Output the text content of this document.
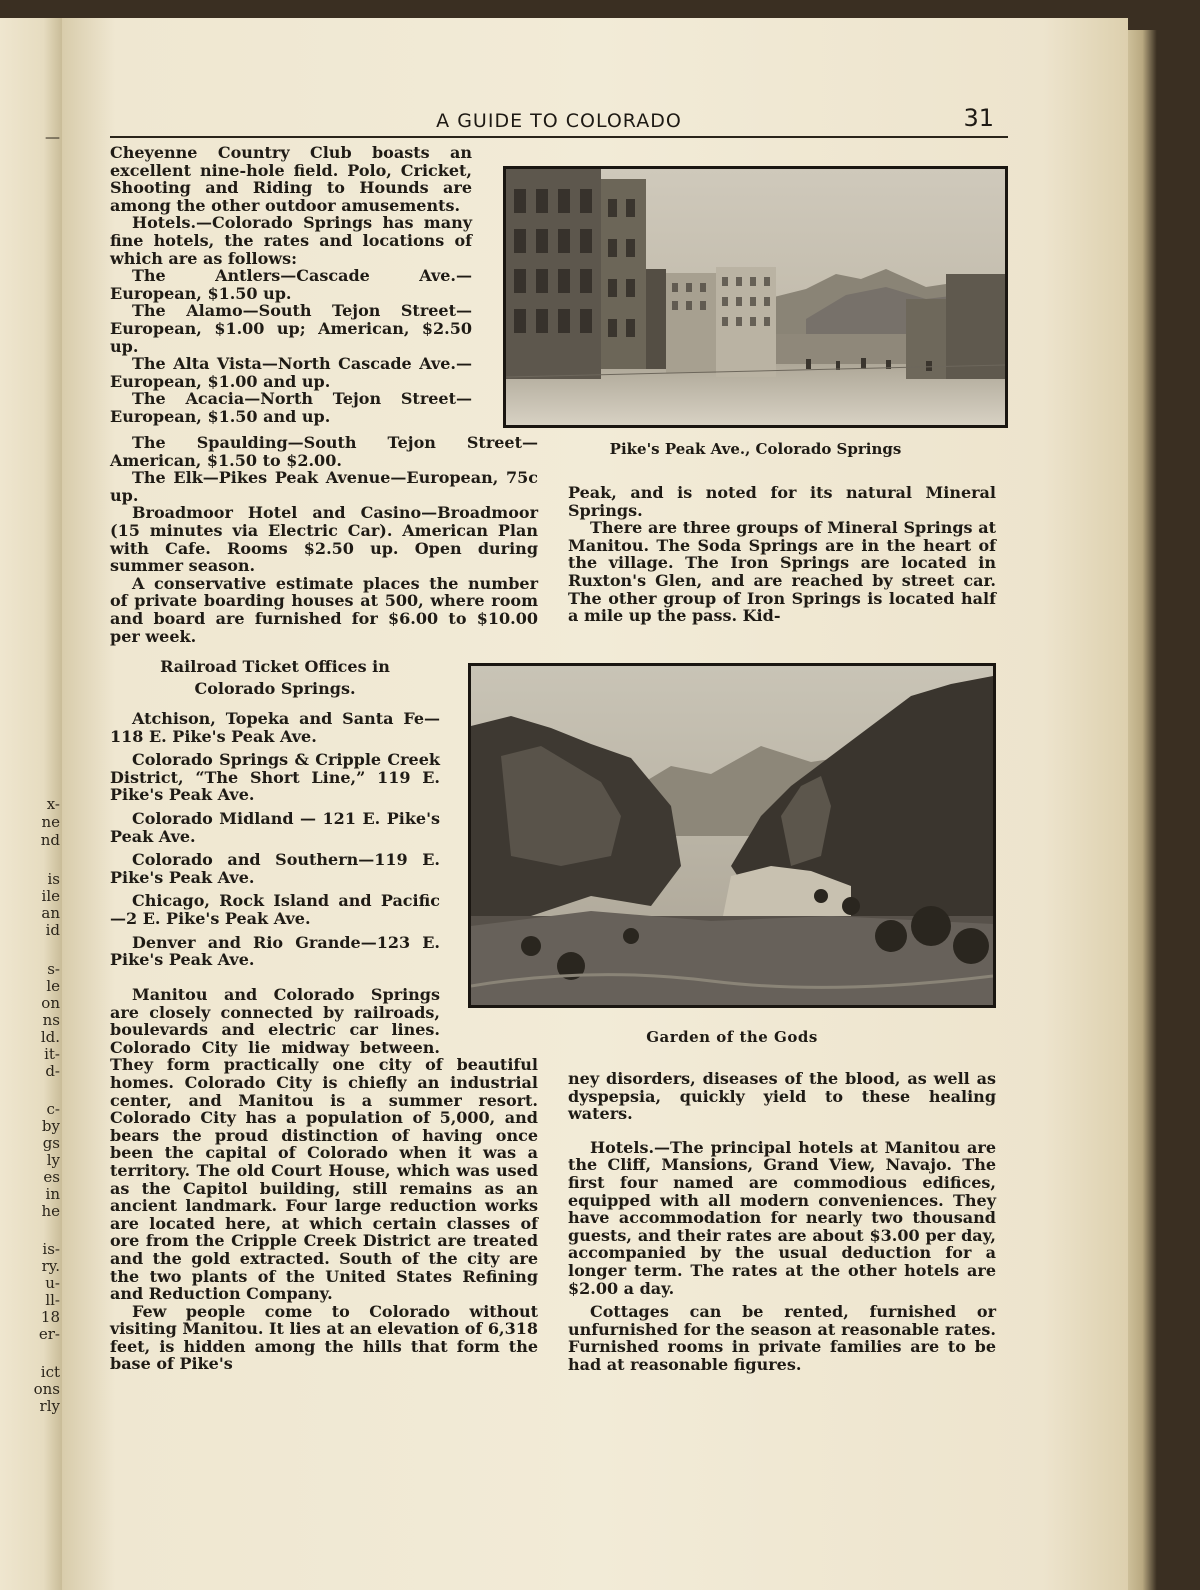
—
x-
ne
nd
is
ile
an
id
s-
le
on
ns
ld.
it-
d-
c-
by
gs
ly
es
in
he
is-
ry.
u-
ll-
18
er-
ict
ons
rly
A GUIDE TO COLORADO	31

Cheyenne Country Club boasts an excellent nine-hole field. Polo, Cricket, Shooting and Riding to Hounds are among the other outdoor amusements.

Hotels.—Colorado Springs has many fine hotels, the rates and locations of which are as follows:

The Antlers—Cascade Ave.—European, $1.50 up.

The Alamo—South Tejon Street—European, $1.00 up; American, $2.50 up.

The Alta Vista—North Cascade Ave.—European, $1.00 and up.

The Acacia—North Tejon Street—European, $1.50 and up.

The Spaulding—South Tejon Street—American, $1.50 to $2.00.

The Elk—Pikes Peak Avenue—European, 75c up.

Broadmoor Hotel and Casino—Broadmoor (15 minutes via Electric Car). American Plan with Cafe. Rooms $2.50 up. Open during summer season.

A conservative estimate places the number of private boarding houses at 500, where room and board are furnished for $6.00 to $10.00 per week.

Pike's Peak Ave., Colorado Springs

Peak, and is noted for its natural Mineral Springs.

There are three groups of Mineral Springs at Manitou. The Soda Springs are in the heart of the village. The Iron Springs are located in Ruxton's Glen, and are reached by street car. The other group of Iron Springs is located half a mile up the pass. Kid-

Railroad Ticket Offices in
Colorado Springs.

Atchison, Topeka and Santa Fe—118 E. Pike's Peak Ave.

Colorado Springs & Cripple Creek District, “The Short Line,” 119 E. Pike's Peak Ave.

Colorado Midland — 121 E. Pike's Peak Ave.

Colorado and Southern—119 E. Pike's Peak Ave.

Chicago, Rock Island and Pacific—2 E. Pike's Peak Ave.

Denver and Rio Grande—123 E. Pike's Peak Ave.

Garden of the Gods

Manitou and Colorado Springs are closely connected by railroads, boulevards and electric car lines. Colorado City lie midway between. They form practically one city of beautiful homes. Colorado City is chiefly an industrial center, and Manitou is a summer resort. Colorado City has a population of 5,000, and bears the proud distinction of having once been the capital of Colorado when it was a territory. The old Court House, which was used as the Capitol building, still remains as an ancient landmark. Four large reduction works are located here, at which certain classes of ore from the Cripple Creek District are treated and the gold extracted. South of the city are the two plants of the United States Refining and Reduction Company.

Few people come to Colorado without visiting Manitou. It lies at an elevation of 6,318 feet, is hidden among the hills that form the base of Pike's

ney disorders, diseases of the blood, as well as dyspepsia, quickly yield to these healing waters.

Hotels.—The principal hotels at Manitou are the Cliff, Mansions, Grand View, Navajo. The first four named are commodious edifices, equipped with all modern conveniences. They have accommodation for nearly two thousand guests, and their rates are about $3.00 per day, accompanied by the usual deduction for a longer term. The rates at the other hotels are $2.00 a day.

Cottages can be rented, furnished or unfurnished for the season at reasonable rates. Furnished rooms in private families are to be had at reasonable figures.
